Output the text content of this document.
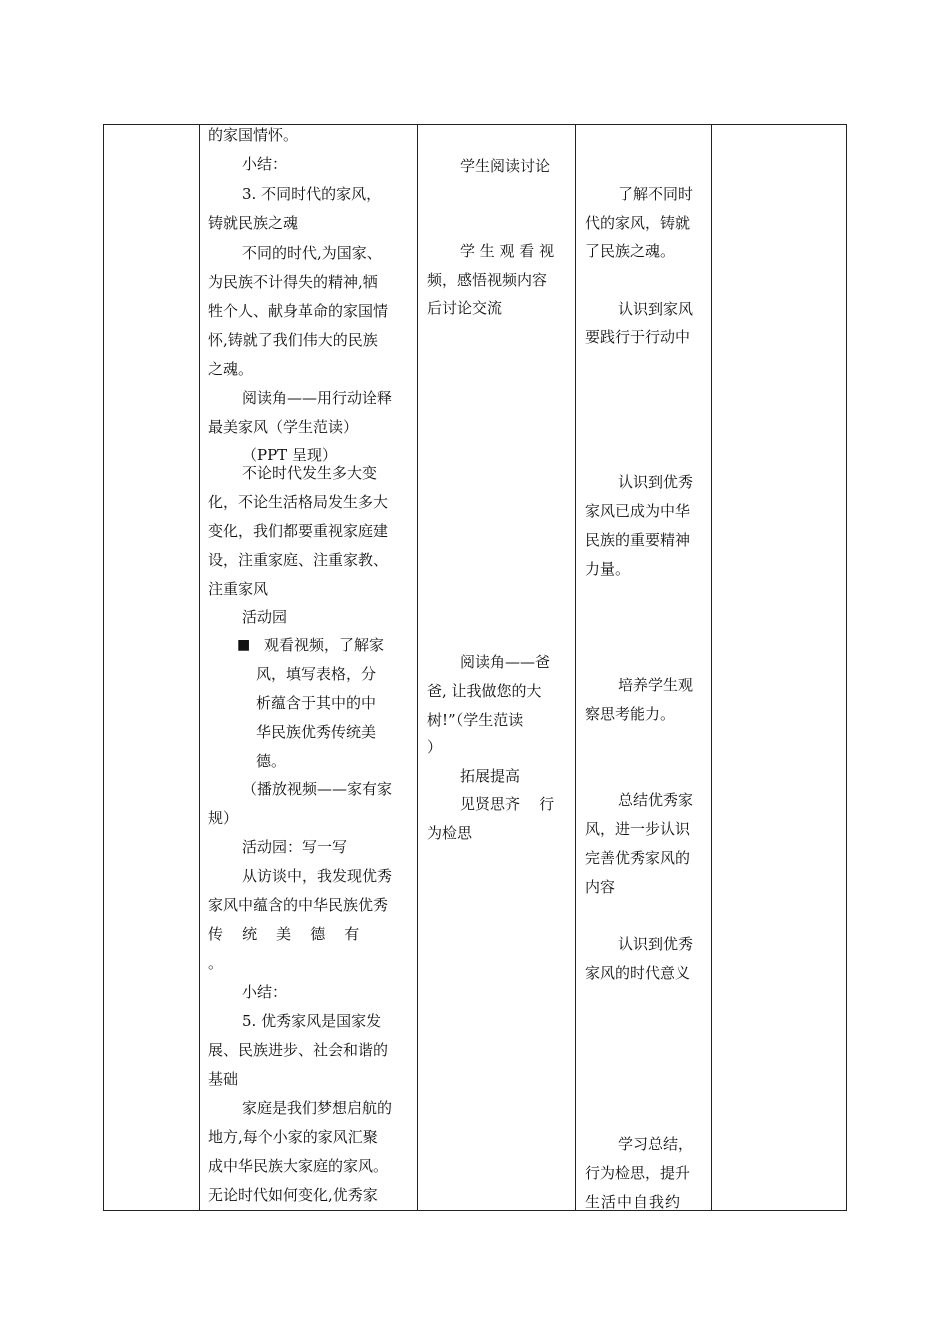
的家国情怀。
小结：
3. 不同时代的家风，
铸就民族之魂
不同的时代,为国家、
为民族不计得失的精神,牺
牲个人、献身革命的家国情
怀,铸就了我们伟大的民族
之魂。
阅读角——用行动诠释
最美家风（学生范读）
（PPT 呈现）
不论时代发生多大变
化，不论生活格局发生多大
变化，我们都要重视家庭建
设，注重家庭、注重家教、
注重家风
活动园
■ 观看视频，了解家
风，填写表格，分
析蕴含于其中的中
华民族优秀传统美
德。
（播放视频——家有家
规）
活动园：写一写
从访谈中，我发现优秀
家风中蕴含的中华民族优秀
传    统    美    德    有
。
小结：
5. 优秀家风是国家发
展、民族进步、社会和谐的
基础
家庭是我们梦想启航的
地方,每个小家的家风汇聚
成中华民族大家庭的家风。
无论时代如何变化,优秀家
学生阅读讨论
学 生 观 看 视
频，感悟视频内容
后讨论交流
阅读角——爸
爸, 让我做您的大
树!”（学生范读
）
拓展提高
见贤思齐    行
为检思
了解不同时
代的家风，铸就
了民族之魂。
认识到家风
要践行于行动中
认识到优秀
家风已成为中华
民族的重要精神
力量。
培养学生观
察思考能力。
总结优秀家
风，进一步认识
完善优秀家风的
内容
认识到优秀
家风的时代意义
学习总结，
行为检思，提升
生活中自我约
